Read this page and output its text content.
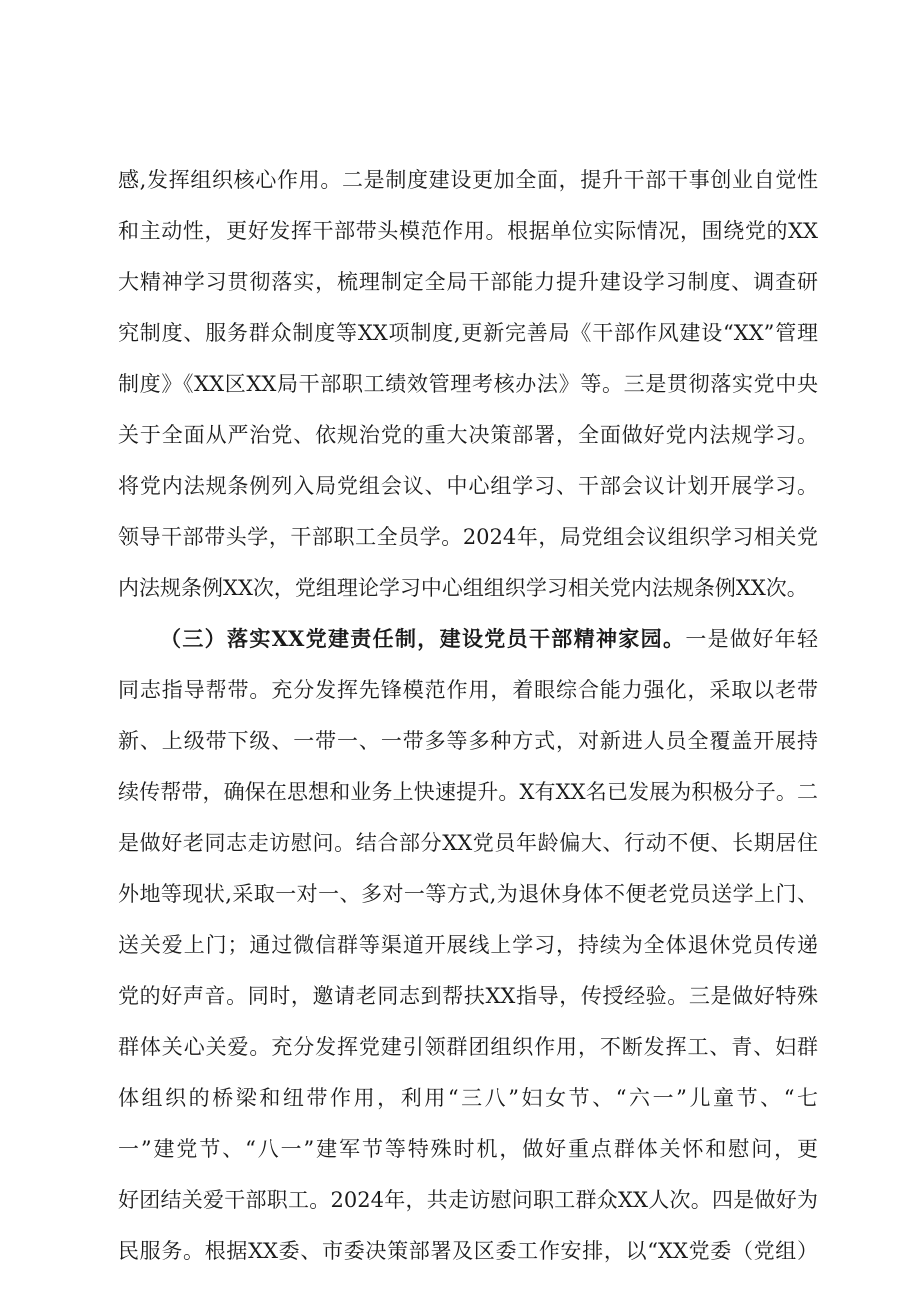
感,发挥组织核心作用。二是制度建设更加全面，提升干部干事创业自觉性
和主动性，更好发挥干部带头模范作用。根据单位实际情况，围绕党的XX
大精神学习贯彻落实，梳理制定全局干部能力提升建设学习制度、调查研
究制度、服务群众制度等XX项制度,更新完善局《干部作风建设“XX”管理
制度》《XX区XX局干部职工绩效管理考核办法》等。三是贯彻落实党中央
关于全面从严治党、依规治党的重大决策部署，全面做好党内法规学习。
将党内法规条例列入局党组会议、中心组学习、干部会议计划开展学习。
领导干部带头学，干部职工全员学。2024年，局党组会议组织学习相关党
内法规条例XX次，党组理论学习中心组组织学习相关党内法规条例XX次。
（三）落实XX党建责任制，建设党员干部精神家园。一是做好年轻
同志指导帮带。充分发挥先锋模范作用，着眼综合能力强化，采取以老带
新、上级带下级、一带一、一带多等多种方式，对新进人员全覆盖开展持
续传帮带，确保在思想和业务上快速提升。X有XX名已发展为积极分子。二
是做好老同志走访慰问。结合部分XX党员年龄偏大、行动不便、长期居住
外地等现状,采取一对一、多对一等方式,为退休身体不便老党员送学上门、
送关爱上门；通过微信群等渠道开展线上学习，持续为全体退休党员传递
党的好声音。同时，邀请老同志到帮扶XX指导，传授经验。三是做好特殊
群体关心关爱。充分发挥党建引领群团组织作用，不断发挥工、青、妇群
体组织的桥梁和纽带作用，利用“三八”妇女节、“六一”儿童节、“七
一”建党节、“八一”建军节等特殊时机，做好重点群体关怀和慰问，更
好团结关爱干部职工。2024年，共走访慰问职工群众XX人次。四是做好为
民服务。根据XX委、市委决策部署及区委工作安排，以“XX党委（党组）
